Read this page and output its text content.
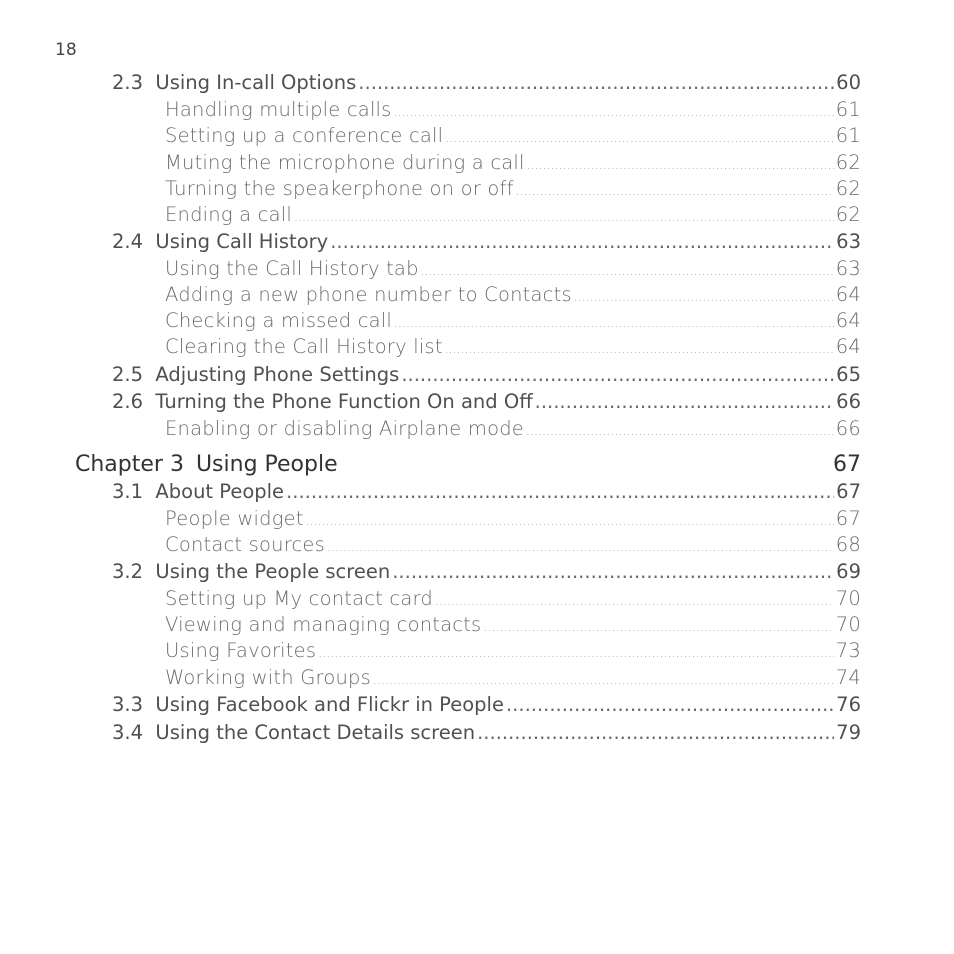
18
2.3 Using In-call Options .....	60
Handling multiple calls .....	61
Setting up a conference call .....	61
Muting the microphone during a call .....	62
Turning the speakerphone on or off .....	62
Ending a call .....	62
2.4 Using Call History .....	63
Using the Call History tab .....	63
Adding a new phone number to Contacts .....	64
Checking a missed call .....	64
Clearing the Call History list .....	64
2.5 Adjusting Phone Settings .....	65
2.6 Turning the Phone Function On and Off .....	66
Enabling or disabling Airplane mode .....	66
Chapter 3 Using People	67
3.1 About People .....	67
People widget .....	67
Contact sources .....	68
3.2 Using the People screen .....	69
Setting up My contact card .....	70
Viewing and managing contacts .....	70
Using Favorites .....	73
Working with Groups .....	74
3.3 Using Facebook and Flickr in People .....	76
3.4 Using the Contact Details screen .....	79
